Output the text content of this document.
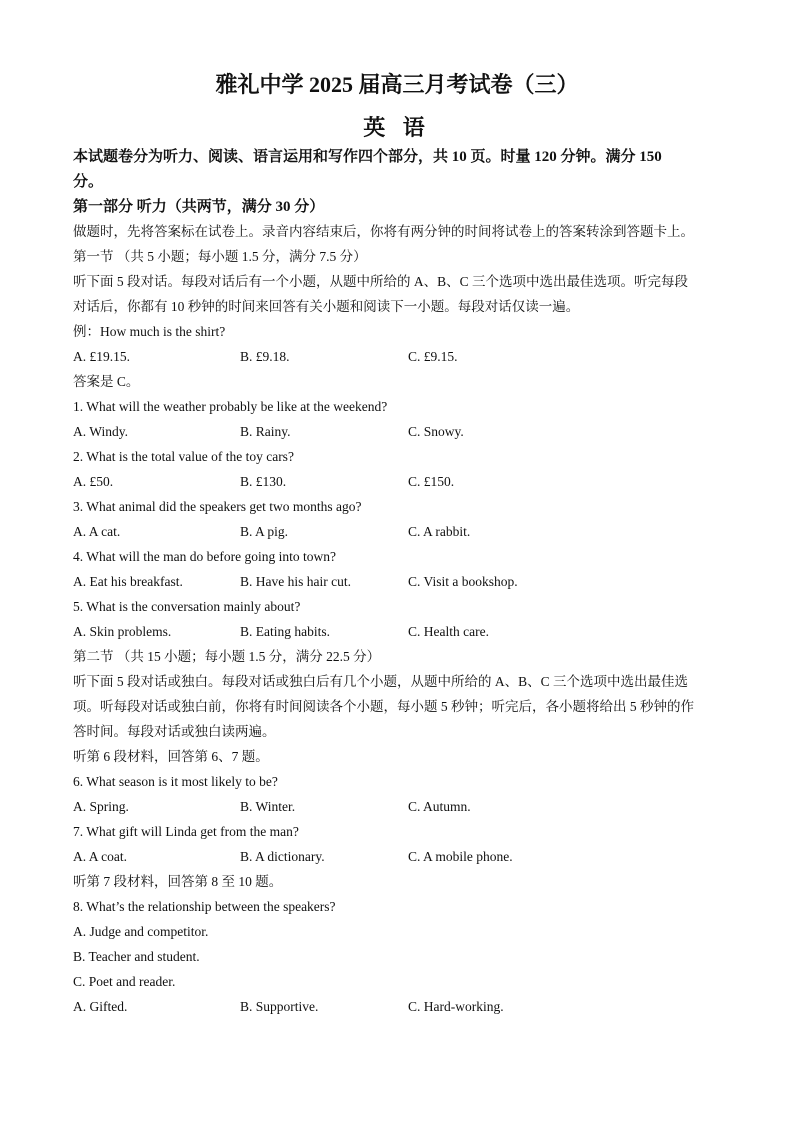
雅礼中学 2025 届高三月考试卷（三）
英 语

本试题卷分为听力、阅读、语言运用和写作四个部分，共 10 页。时量 120 分钟。满分 150

分。

第一部分 听力（共两节，满分 30 分）

做题时，先将答案标在试卷上。录音内容结束后，你将有两分钟的时间将试卷上的答案转涂到答题卡上。

第一节 （共 5 小题；每小题 1.5 分，满分 7.5 分）

听下面 5 段对话。每段对话后有一个小题，从题中所给的 A、B、C 三个选项中选出最佳选项。听完每段

对话后，你都有 10 秒钟的时间来回答有关小题和阅读下一小题。每段对话仅读一遍。

例：How much is the shirt?

A. £19.15.	B. £9.18.	C. £9.15.

答案是 C。

1. What will the weather probably be like at the weekend?

A. Windy.	B. Rainy.	C. Snowy.

2. What is the total value of the toy cars?

A. £50.	B. £130.	C. £150.

3. What animal did the speakers get two months ago?

A. A cat.	B. A pig.	C. A rabbit.

4. What will the man do before going into town?

A. Eat his breakfast.	B. Have his hair cut.	C. Visit a bookshop.

5. What is the conversation mainly about?

A. Skin problems.	B. Eating habits.	C. Health care.

第二节 （共 15 小题；每小题 1.5 分，满分 22.5 分）

听下面 5 段对话或独白。每段对话或独白后有几个小题，从题中所给的 A、B、C 三个选项中选出最佳选

项。听每段对话或独白前，你将有时间阅读各个小题，每小题 5 秒钟；听完后，各小题将给出 5 秒钟的作

答时间。每段对话或独白读两遍。

听第 6 段材料，回答第 6、7 题。

6. What season is it most likely to be?

A. Spring.	B. Winter.	C. Autumn.

7. What gift will Linda get from the man?

A. A coat.	B. A dictionary.	C. A mobile phone.

听第 7 段材料，回答第 8 至 10 题。

8. What’s the relationship between the speakers?

A. Judge and competitor.

B. Teacher and student.

C. Poet and reader.

A. Gifted.	B. Supportive.	C. Hard-working.
